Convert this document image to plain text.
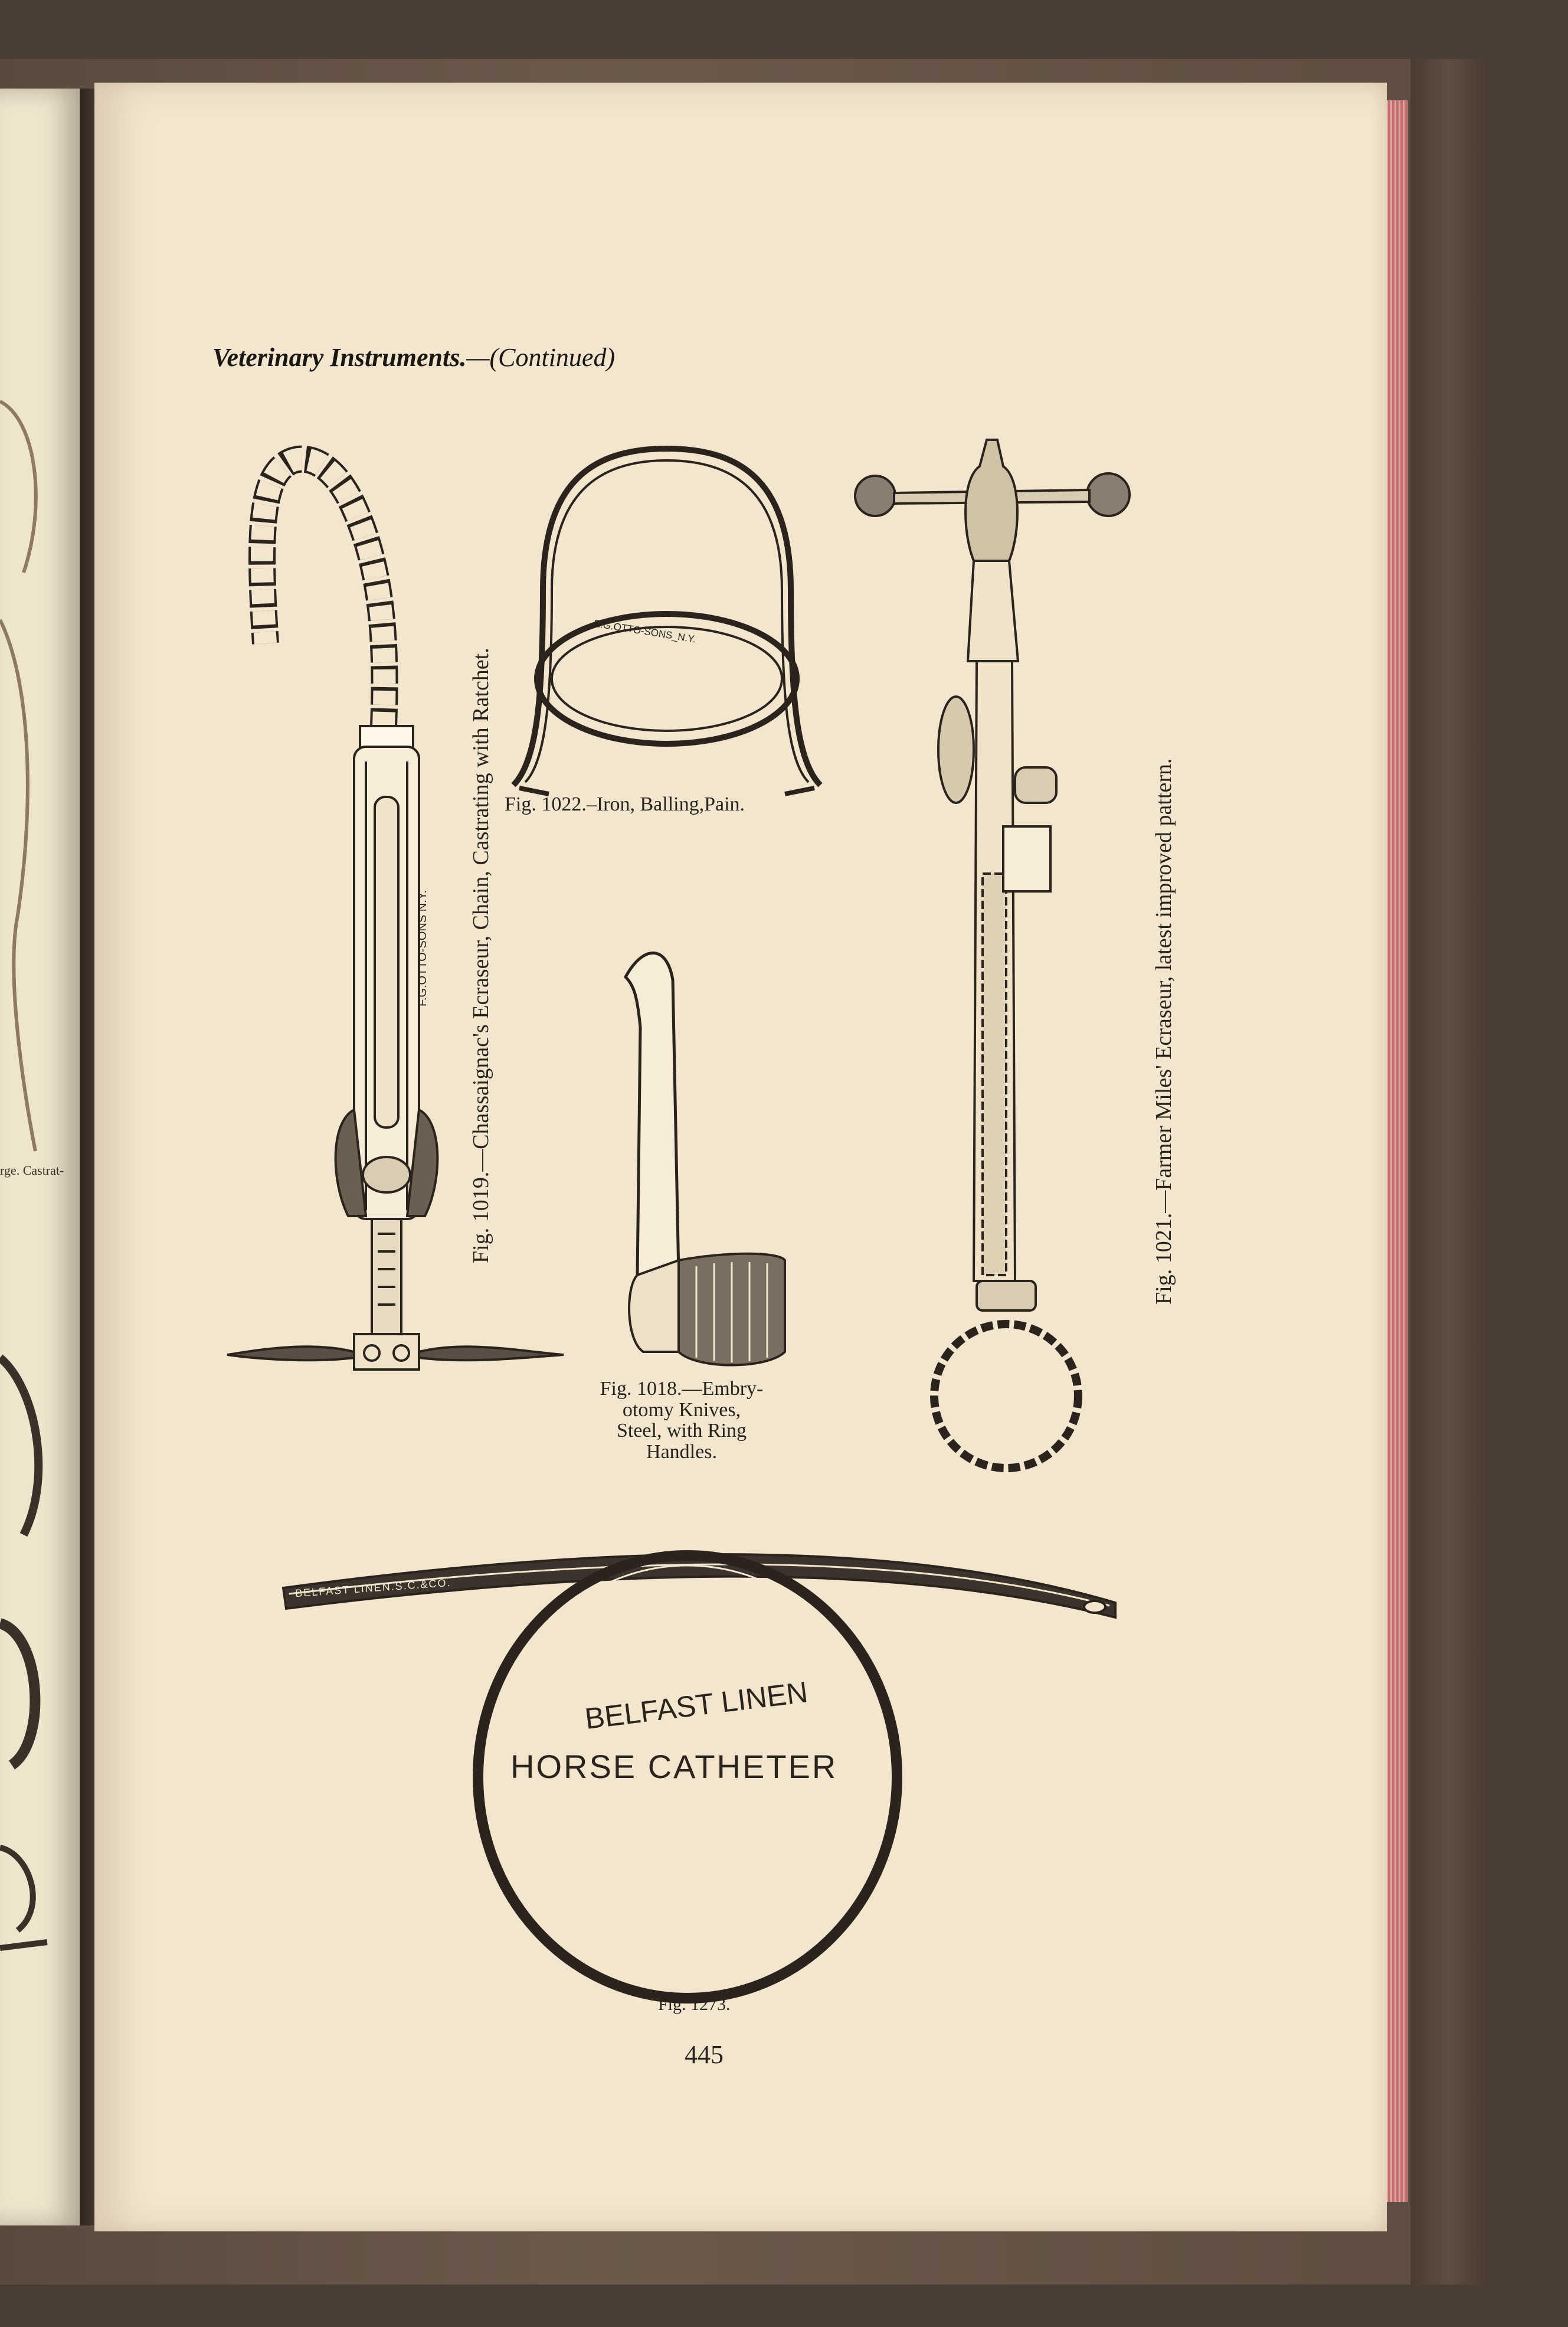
rge. Castrat-
Veterinary Instruments.—(Continued)
F.G.OTTO-SONS N.Y.
E.G.OTTO-SONS_N.Y.
BELFAST LINEN.S.C.&CO.
Fig. 1019.—Chassaignac's Ecraseur, Chain, Castrating with Ratchet. Fig. 1022.–Iron, Balling,Pain.
Fig. 1018.—Embry-
otomy Knives,
Steel, with Ring
Handles.
Fig. 1021.—Farmer Miles' Ecraseur, latest improved pattern.
BELFAST LINEN
HORSE CATHETER
Fig. 1273.
445
